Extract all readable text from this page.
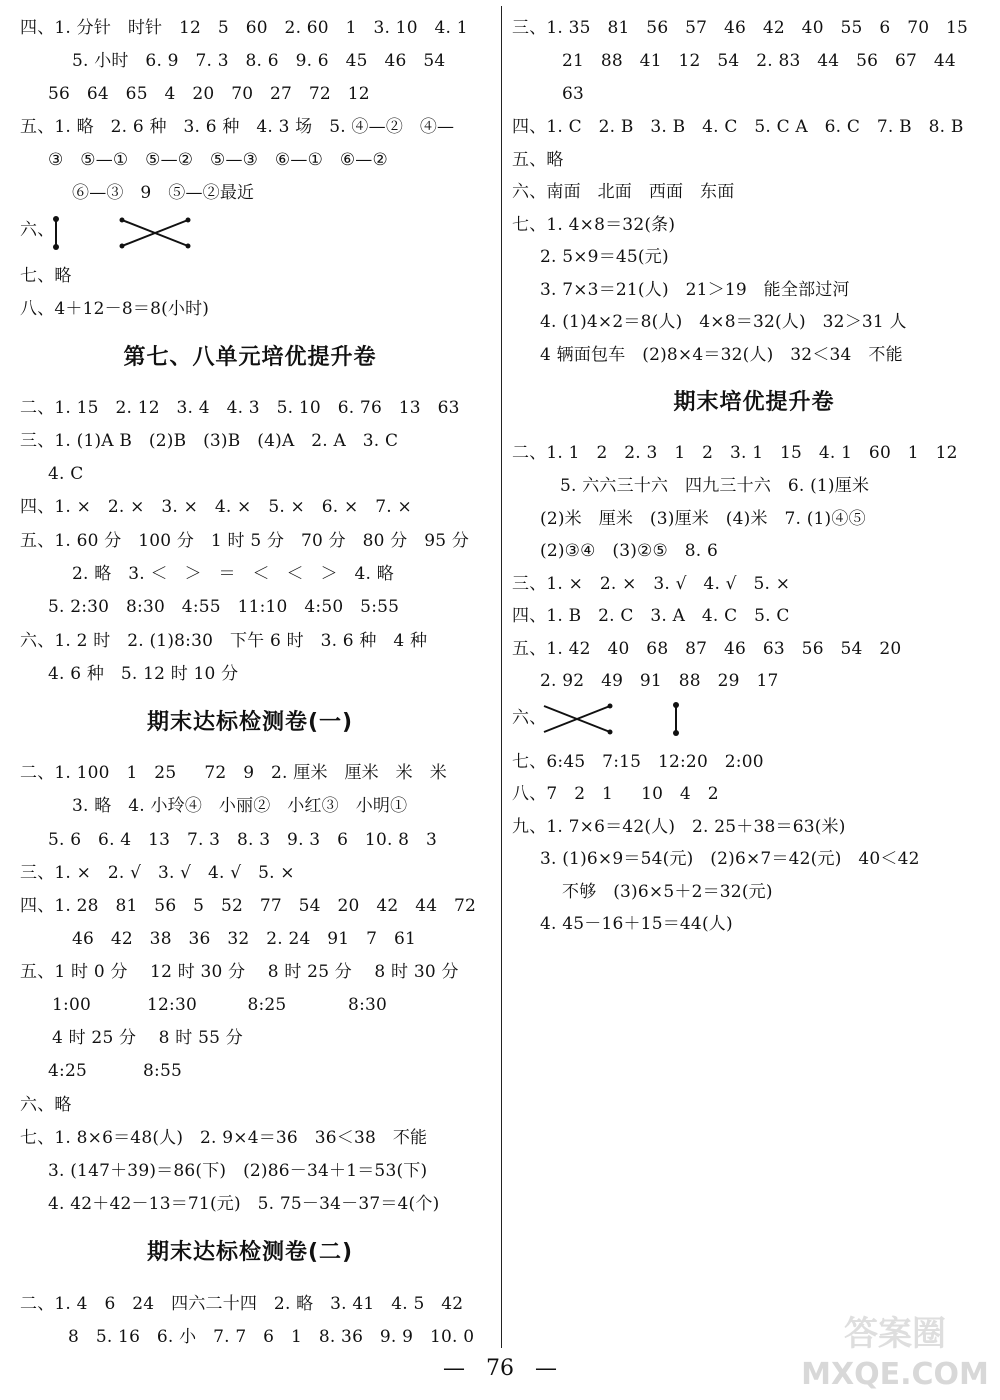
四、1. 分针   时针   12   5   60   2. 60   1   3. 10   4. 1
5. 小时   6. 9   7. 3   8. 6   9. 6   45   46   54
56   64   65   4   20   70   27   72   12
五、1. 略   2. 6 种   3. 6 种   4. 3 场   5. ④—②   ④—
③   ⑤—①   ⑤—②   ⑤—③   ⑥—①   ⑥—②
⑥—③   9   ⑤—②最近
六、
七、略
八、4＋12－8＝8(小时)
第七、八单元培优提升卷
二、1. 15   2. 12   3. 4   4. 3   5. 10   6. 76   13   63
三、1. (1)A B   (2)B   (3)B   (4)A   2. A   3. C
4. C
四、1. ×   2. ×   3. ×   4. ×   5. ×   6. ×   7. ×
五、1. 60 分   100 分   1 时 5 分   70 分   80 分   95 分
2. 略   3. ＜   ＞   ＝   ＜   ＜   ＞   4. 略
5. 2:30   8:30   4:55   11:10   4:50   5:55
六、1. 2 时   2. (1)8:30   下午 6 时   3. 6 种   4 种
4. 6 种   5. 12 时 10 分
期末达标检测卷(一)
二、1. 100   1   25     72   9   2. 厘米   厘米   米   米
3. 略   4. 小玲④   小丽②   小红③   小明①
5. 6   6. 4   13   7. 3   8. 3   9. 3   6   10. 8   3
三、1. ×   2. √   3. √   4. √   5. ×
四、1. 28   81   56   5   52   77   54   20   42   44   72
46   42   38   36   32   2. 24   91   7   61
五、1 时 0 分    12 时 30 分    8 时 25 分    8 时 30 分
1:00          12:30         8:25           8:30
4 时 25 分    8 时 55 分
4:25          8:55
六、略
七、1. 8×6＝48(人)   2. 9×4＝36   36＜38   不能
3. (147＋39)＝86(下)   (2)86－34＋1＝53(下)
4. 42＋42－13＝71(元)   5. 75－34－37＝4(个)
期末达标检测卷(二)
二、1. 4   6   24   四六二十四   2. 略   3. 41   4. 5   42
8   5. 16   6. 小   7. 7   6   1   8. 36   9. 9   10. 0
三、1. 35   81   56   57   46   42   40   55   6   70   15
21   88   41   12   54   2. 83   44   56   67   44
63
四、1. C   2. B   3. B   4. C   5. C A   6. C   7. B   8. B
五、略
六、南面   北面   西面   东面
七、1. 4×8＝32(条)
2. 5×9＝45(元)
3. 7×3＝21(人)   21＞19   能全部过河
4. (1)4×2＝8(人)   4×8＝32(人)   32＞31 人
4 辆面包车   (2)8×4＝32(人)   32＜34   不能
期末培优提升卷
二、1. 1   2   2. 3   1   2   3. 1   15   4. 1   60   1   12
5. 六六三十六   四九三十六   6. (1)厘米
(2)米   厘米   (3)厘米   (4)米   7. (1)④⑤
(2)③④   (3)②⑤   8. 6
三、1. ×   2. ×   3. √   4. √   5. ×
四、1. B   2. C   3. A   4. C   5. C
五、1. 42   40   68   87   46   63   56   54   20
2. 92   49   91   88   29   17
六、
七、6:45   7:15   12:20   2:00
八、7   2   1     10   4   2
九、1. 7×6＝42(人)   2. 25＋38＝63(米)
3. (1)6×9＝54(元)   (2)6×7＝42(元)   40＜42
不够   (3)6×5＋2＝32(元)
4. 45－16＋15＝44(人)
—   76   —
答案圈
MXQE.COM
